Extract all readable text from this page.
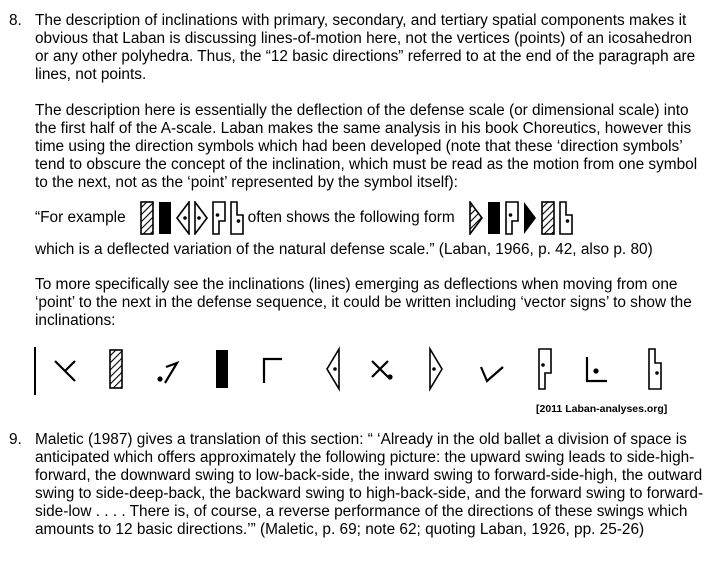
8. The description of inclinations with primary, secondary, and tertiary spatial components makes it obvious that Laban is discussing lines-of-motion here, not the vertices (points) of an icosahedron or any other polyhedra. Thus, the “12 basic directions” referred to at the end of the paragraph are lines, not points.
The description here is essentially the deflection of the defense scale (or dimensional scale) into the first half of the A-scale. Laban makes the same analysis in his book Choreutics, however this time using the direction symbols which had been developed (note that these ‘direction symbols’ tend to obscure the concept of the inclination, which must be read as the motion from one symbol to the next, not as the ‘point’ represented by the symbol itself):
“For example	often shows the following form
which is a deflected variation of the natural defense scale.” (Laban, 1966, p. 42, also p. 80)
To more specifically see the inclinations (lines) emerging as deflections when moving from one ‘point’ to the next in the defense sequence, it could be written including ‘vector signs’ to show the inclinations:
[2011 Laban-analyses.org]
9. Maletic (1987) gives a translation of this section: “ ‘Already in the old ballet a division of space is anticipated which offers approximately the following picture: the upward swing leads to side-high-forward, the downward swing to low-back-side, the inward swing to forward-side-high, the outward swing to side-deep-back, the backward swing to high-back-side, and the forward swing to forward-side-low . . . . There is, of course, a reverse performance of the directions of these swings which amounts to 12 basic directions.’” (Maletic, p. 69; note 62; quoting Laban, 1926, pp. 25-26)
